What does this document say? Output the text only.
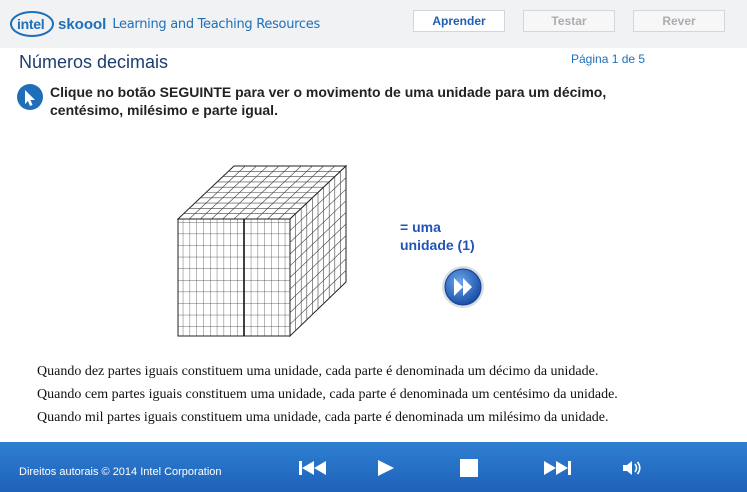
intel skoool Learning and Teaching Resources	Aprender	Testar	Rever
Números decimais	Página 1 de 5
Clique no botão SEGUINTE para ver o movimento de uma unidade para um décimo, centésimo, milésimo e parte igual.
= uma
unidade (1)
Quando dez partes iguais constituem uma unidade, cada parte é denominada um décimo da unidade.
Quando cem partes iguais constituem uma unidade, cada parte é denominada um centésimo da unidade.
Quando mil partes iguais constituem uma unidade, cada parte é denominada um milésimo da unidade.
Direitos autorais © 2014 Intel Corporation
